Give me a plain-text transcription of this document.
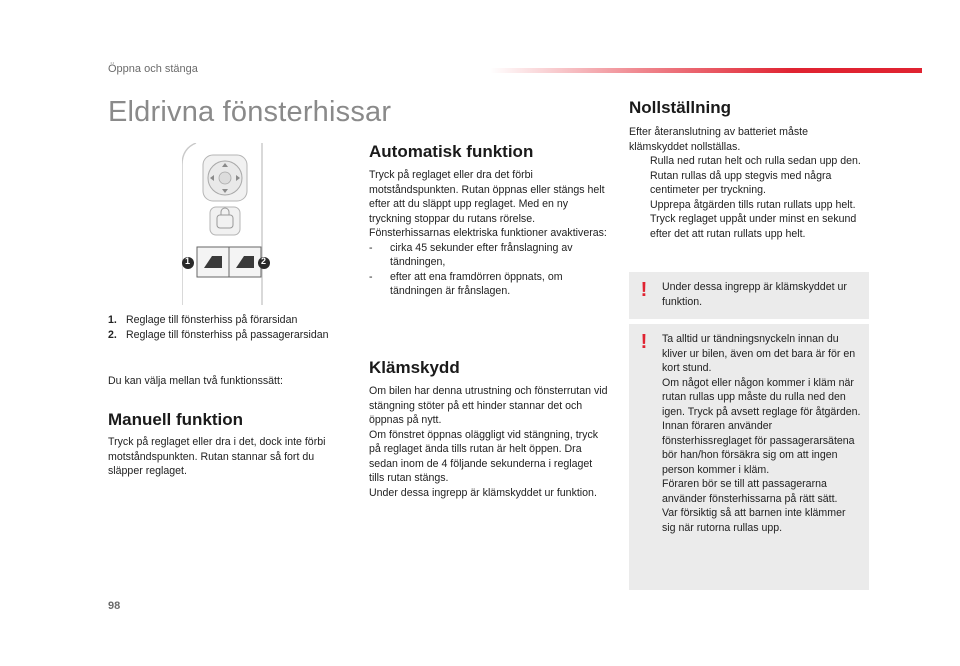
Öppna och stänga
Eldrivna fönsterhissar
1	2
1. Reglage till fönsterhiss på förarsidan
2. Reglage till fönsterhiss på passagerarsidan

Du kan välja mellan två funktionssätt:

Manuell funktion

Tryck på reglaget eller dra i det, dock inte förbi motståndspunkten. Rutan stannar så fort du släpper reglaget.

Automatisk funktion

Tryck på reglaget eller dra det förbi motståndspunkten. Rutan öppnas eller stängs helt efter att du släppt upp reglaget. Med en ny tryckning stoppar du rutans rörelse.

Fönsterhissarnas elektriska funktioner avaktiveras:

-	cirka 45 sekunder efter frånslagning av tändningen,
-	efter att ena framdörren öppnats, om tändningen är frånslagen.
Klämskydd

Om bilen har denna utrustning och fönsterrutan vid stängning stöter på ett hinder stannar det och öppnas på nytt.

Om fönstret öppnas oläggligt vid stängning, tryck på reglaget ända tills rutan är helt öppen. Dra sedan inom de 4 följande sekunderna i reglaget tills rutan stängs.

Under dessa ingrepp är klämskyddet ur funktion.

Nollställning

Efter återanslutning av batteriet måste klämskyddet nollställas.

Rulla ned rutan helt och rulla sedan upp den. Rutan rullas då upp stegvis med några centimeter per tryckning.
Upprepa åtgärden tills rutan rullats upp helt.
Tryck reglaget uppåt under minst en sekund efter det att rutan rullats upp helt.
! Under dessa ingrepp är klämskyddet ur funktion.
! Ta alltid ur tändningsnyckeln innan du kliver ur bilen, även om det bara är för en kort stund.

Om något eller någon kommer i kläm när rutan rullas upp måste du rulla ned den igen. Tryck på avsett reglage för åtgärden.

Innan föraren använder fönsterhissreglaget för passagerarsätena bör han/hon försäkra sig om att ingen person kommer i kläm.

Föraren bör se till att passagerarna använder fönsterhissarna på rätt sätt.

Var försiktig så att barnen inte klämmer sig när rutorna rullas upp.

98
